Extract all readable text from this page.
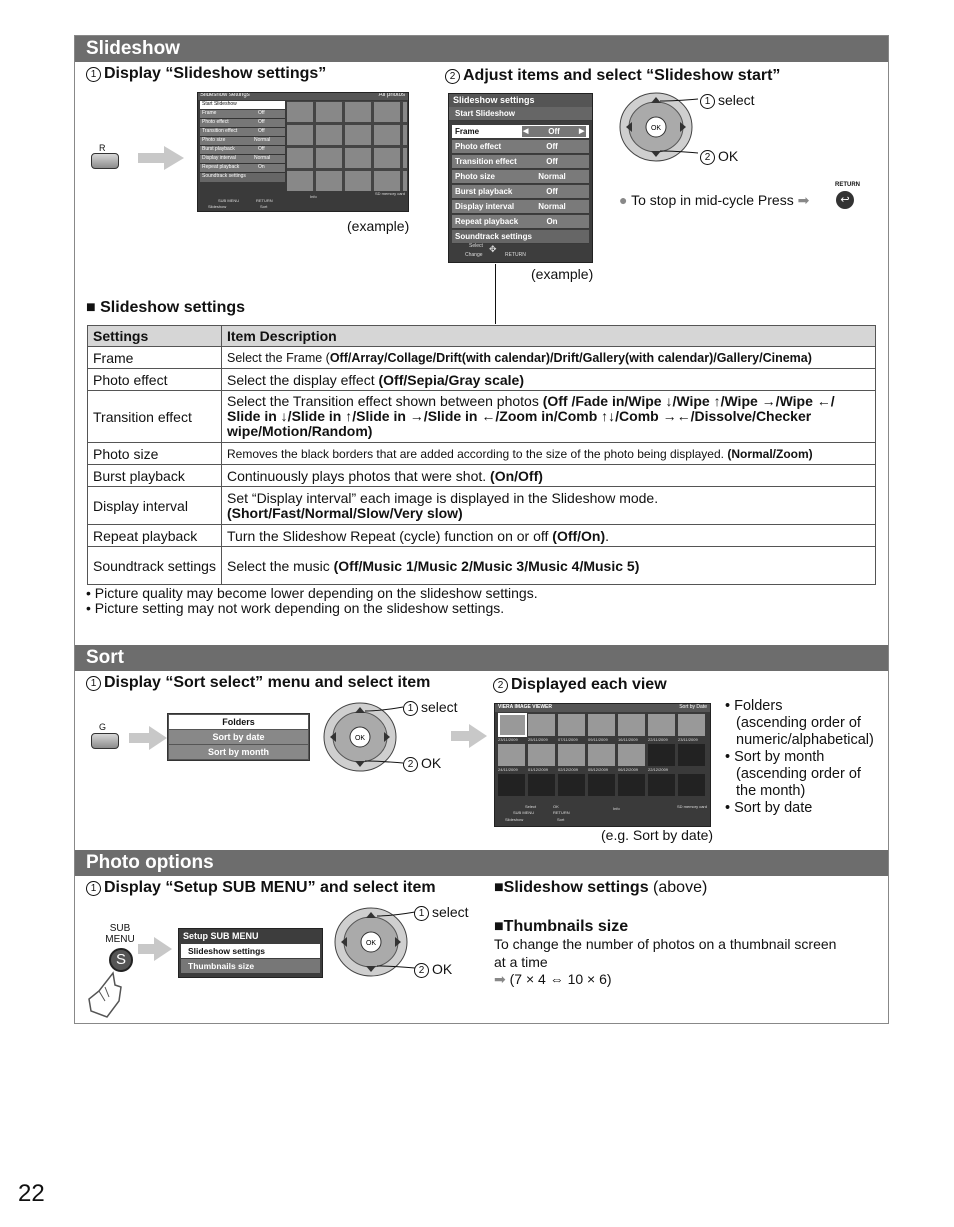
Slideshow
1 Display “Slideshow settings”	2 Adjust items and select “Slideshow start”
R
Slideshow settings	All photos
Start Slideshow
Frame	Off
Photo effect	Off
Transition effect	Off
Photo size	Normal
Burst playback	Off
Display interval	Normal
Repeat playback	On
Soundtrack settings
SD memory card
Info
SUB MENU	RETURN
Slideshow	Sort
(example)
Slideshow settings
Start Slideshow
Frame	Off
◀	▶
Photo effect	Off
Transition effect	Off
Photo size	Normal
Burst playback	Off
Display interval	Normal
Repeat playback	On
Soundtrack settings
Select
Change
✥
RETURN
(example)
OK
1 select
2 OK
● To stop in mid-cycle Press ➡
RETURN
↩
■ Slideshow settings
Settings	Item Description
Frame	Select the Frame (Off/Array/Collage/Drift(with calendar)/Drift/Gallery(with calendar)/Gallery/Cinema)
Photo effect	Select the display effect (Off/Sepia/Gray scale)
Transition effect	Select the Transition effect shown between photos (Off /Fade in/Wipe ↓/Wipe ↑/Wipe →/Wipe ←/ Slide in ↓/Slide in ↑/Slide in →/Slide in ←/Zoom in/Comb ↑↓/Comb →←/Dissolve/Checker wipe/Motion/Random)
Photo size	Removes the black borders that are added according to the size of the photo being displayed. (Normal/Zoom)
Burst playback	Continuously plays photos that were shot. (On/Off)
Display interval	Set “Display interval” each image is displayed in the Slideshow mode.
(Short/Fast/Normal/Slow/Very slow)
Repeat playback	Turn the Slideshow Repeat (cycle) function on or off (Off/On).
Soundtrack settings	Select the music (Off/Music 1/Music 2/Music 3/Music 4/Music 5)
• Picture quality may become lower depending on the slideshow settings.
• Picture setting may not work depending on the slideshow settings.
Sort
1 Display “Sort select” menu and select item	2 Displayed each view
G	Folders
Sort by date
Sort by month
OK
1 select
2 OK
VIERA IMAGE VIEWER	Sort by Date
23/11/2009	25/11/2009	07/11/2009	09/11/2009	16/11/2009	22/11/2009	23/11/2009
24/11/2009	01/12/2009	02/12/2009	05/12/2009	06/12/2009	22/12/2009
Select	OK
SUB MENU	RETURN
Info
Slideshow	Sort
SD memory card
(e.g. Sort by date)
• Folders
(ascending order of
numeric/alphabetical)
• Sort by month
(ascending order of
the month)
• Sort by date
Photo options
1 Display “Setup SUB MENU” and select item
SUB MENU
S
Setup SUB MENU
Slideshow settings
Thumbnails size
OK
1 select
2 OK
■Slideshow settings (above)
■Thumbnails size
To change the number of photos on a thumbnail screen
at a time
➡ (7 × 4 ⇔ 10 × 6)
22
